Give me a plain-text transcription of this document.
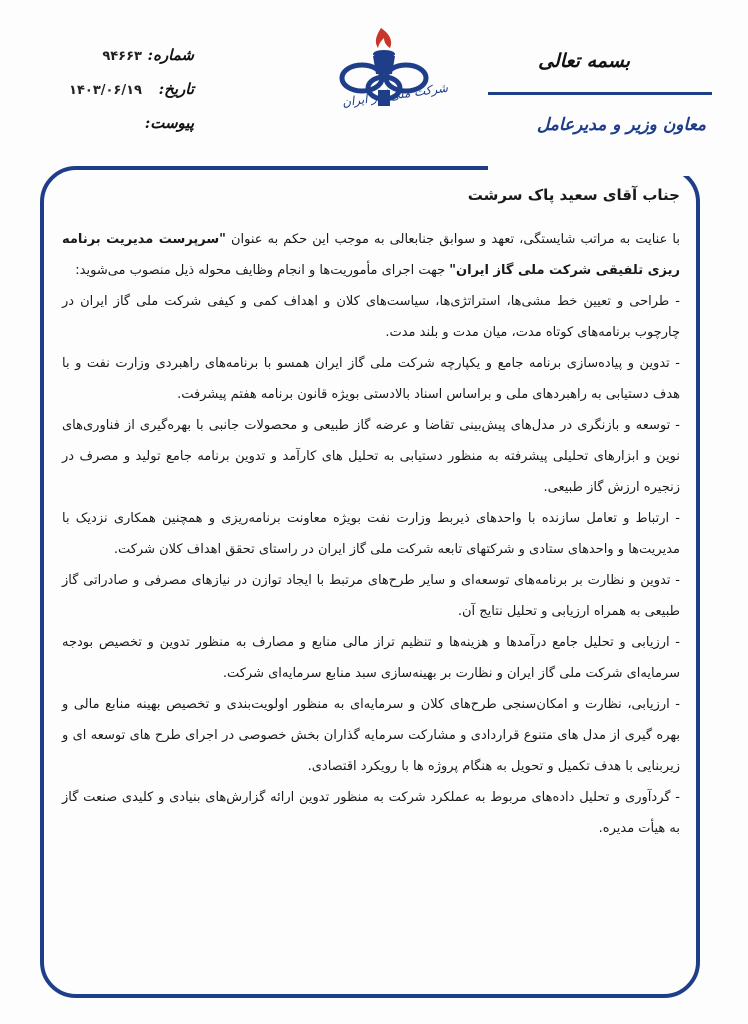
شماره:
۹۴۶۶۳
تاریخ:
۱۴۰۳/۰۶/۱۹
پیوست:
شرکت ملی گاز ایران
بسمه تعالی
معاون وزیر و مدیرعامل

جناب آقای سعید پاک سرشت

با عنایت به مراتب شایستگی، تعهد و سوابق جنابعالی به موجب این حکم به عنوان "سرپرست مدیریت برنامه ریزی تلفیقی شرکت ملی گاز ایران" جهت اجرای مأموریت‌ها و انجام وظایف محوله ذیل منصوب می‌شوید:

- طراحی و تعیین خط مشی‌ها، استراتژی‌ها، سیاست‌های کلان و اهداف کمی و کیفی شرکت ملی گاز ایران در چارچوب برنامه‌های کوتاه مدت، میان مدت و بلند مدت.

- تدوین و پیاده‌سازی برنامه جامع و یکپارچه شرکت ملی گاز ایران همسو با برنامه‌های راهبردی وزارت نفت و با هدف دستیابی به راهبردهای ملی و براساس اسناد بالادستی بویژه قانون برنامه هفتم پیشرفت.

- توسعه و بازنگری در مدل‌های پیش‌بینی تقاضا و عرضه گاز طبیعی و محصولات جانبی با بهره‌گیری از فناوری‌های نوین و ابزارهای تحلیلی پیشرفته به منظور دستیابی به تحلیل های کارآمد و تدوین برنامه جامع تولید و مصرف در زنجیره ارزش گاز طبیعی.

- ارتباط و تعامل سازنده با واحدهای ذیربط وزارت نفت بویژه معاونت برنامه‌ریزی و همچنین همکاری نزدیک با مدیریت‌ها و واحدهای ستادی و شرکتهای تابعه شرکت ملی گاز ایران در راستای تحقق اهداف کلان شرکت.

- تدوین و نظارت بر برنامه‌های توسعه‌ای و سایر طرح‌های مرتبط با ایجاد توازن در نیازهای مصرفی و صادراتی گاز طبیعی به همراه ارزیابی و تحلیل نتایج آن.

- ارزیابی و تحلیل جامع درآمدها و هزینه‌ها و تنظیم تراز مالی منابع و مصارف به منظور تدوین و تخصیص بودجه سرمایه‌ای شرکت ملی گاز ایران و نظارت بر بهینه‌سازی سبد منابع سرمایه‌ای شرکت.

- ارزیابی، نظارت و امکان‌سنجی طرح‌های کلان و سرمایه‌ای به منظور اولویت‌بندی و تخصیص بهینه منابع مالی و بهره گیری از مدل های متنوع قراردادی و مشارکت سرمایه گذاران بخش خصوصی در اجرای طرح های توسعه ای و زیربنایی با هدف تکمیل و تحویل به هنگام پروژه ها با رویکرد اقتصادی.

- گردآوری و تحلیل داده‌های مربوط به عملکرد شرکت به منظور تدوین ارائه گزارش‌های بنیادی و کلیدی صنعت گاز به هیأت مدیره.
